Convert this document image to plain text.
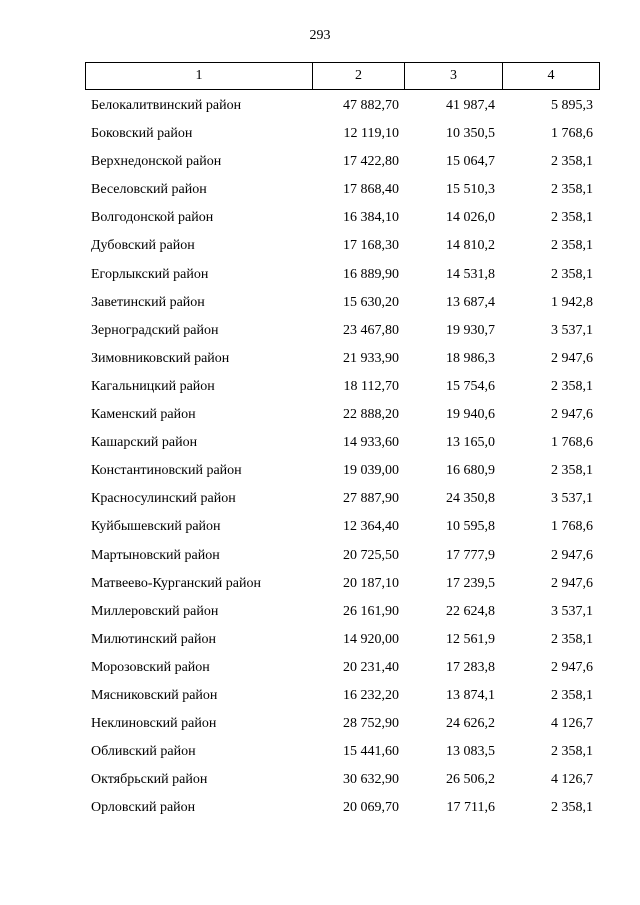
293
1	2	3	4
Белокалитвинский район	47 882,70	41 987,4	5 895,3
Боковский район	12 119,10	10 350,5	1 768,6
Верхнедонской район	17 422,80	15 064,7	2 358,1
Веселовский район	17 868,40	15 510,3	2 358,1
Волгодонской район	16 384,10	14 026,0	2 358,1
Дубовский район	17 168,30	14 810,2	2 358,1
Егорлыкский район	16 889,90	14 531,8	2 358,1
Заветинский район	15 630,20	13 687,4	1 942,8
Зерноградский район	23 467,80	19 930,7	3 537,1
Зимовниковский район	21 933,90	18 986,3	2 947,6
Кагальницкий район	18 112,70	15 754,6	2 358,1
Каменский район	22 888,20	19 940,6	2 947,6
Кашарский район	14 933,60	13 165,0	1 768,6
Константиновский район	19 039,00	16 680,9	2 358,1
Красносулинский район	27 887,90	24 350,8	3 537,1
Куйбышевский район	12 364,40	10 595,8	1 768,6
Мартыновский район	20 725,50	17 777,9	2 947,6
Матвеево-Курганский район	20 187,10	17 239,5	2 947,6
Миллеровский район	26 161,90	22 624,8	3 537,1
Милютинский район	14 920,00	12 561,9	2 358,1
Морозовский район	20 231,40	17 283,8	2 947,6
Мясниковский район	16 232,20	13 874,1	2 358,1
Неклиновский район	28 752,90	24 626,2	4 126,7
Обливский район	15 441,60	13 083,5	2 358,1
Октябрьский район	30 632,90	26 506,2	4 126,7
Орловский район	20 069,70	17 711,6	2 358,1
